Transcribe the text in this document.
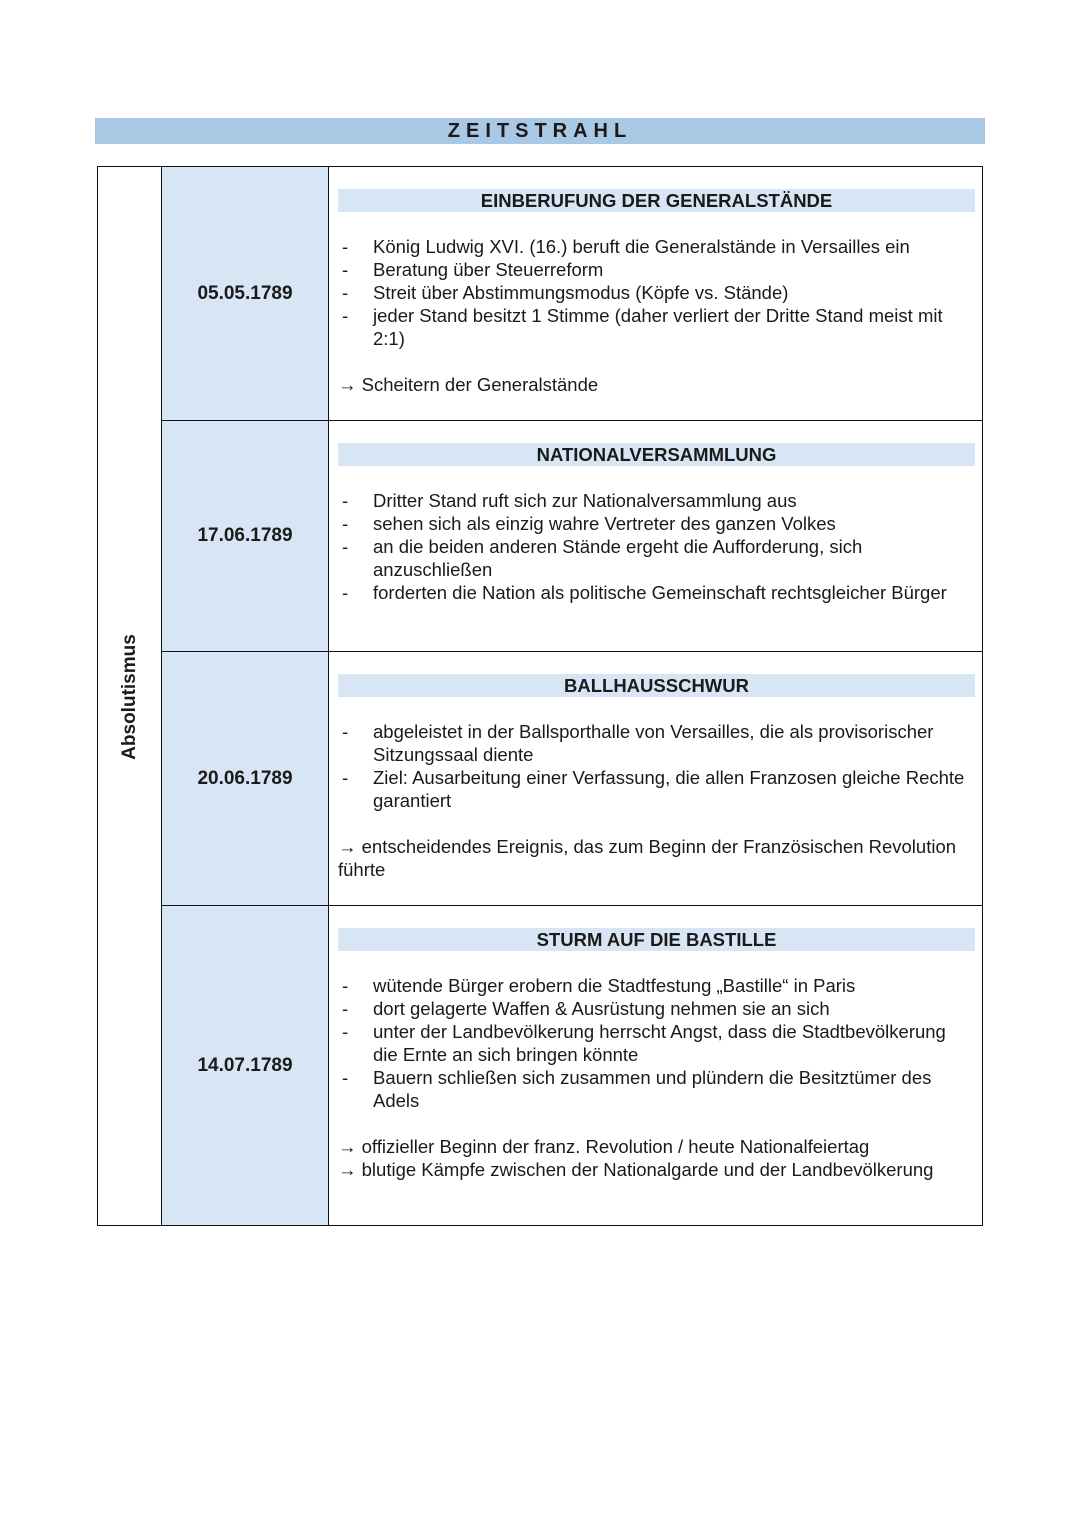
ZEITSTRAHL
Absolutismus
05.05.1789
EINBERUFUNG DER GENERALSTÄNDE
- König Ludwig XVI. (16.) beruft die Generalstände in Versailles ein
- Beratung über Steuerreform
- Streit über Abstimmungsmodus (Köpfe vs. Stände)
- jeder Stand besitzt 1 Stimme (daher verliert der Dritte Stand meist mit 2:1)
→ Scheitern der Generalstände
17.06.1789
NATIONALVERSAMMLUNG
- Dritter Stand ruft sich zur Nationalversammlung aus
- sehen sich als einzig wahre Vertreter des ganzen Volkes
- an die beiden anderen Stände ergeht die Aufforderung, sich anzuschließen
- forderten die Nation als politische Gemeinschaft rechtsgleicher Bürger
20.06.1789
BALLHAUSSCHWUR
- abgeleistet in der Ballsporthalle von Versailles, die als provisorischer Sitzungssaal diente
- Ziel: Ausarbeitung einer Verfassung, die allen Franzosen gleiche Rechte garantiert
→ entscheidendes Ereignis, das zum Beginn der Französischen Revolution führte
14.07.1789
STURM AUF DIE BASTILLE
- wütende Bürger erobern die Stadtfestung „Bastille“ in Paris
- dort gelagerte Waffen & Ausrüstung nehmen sie an sich
- unter der Landbevölkerung herrscht Angst, dass die Stadtbevölkerung die Ernte an sich bringen könnte
- Bauern schließen sich zusammen und plündern die Besitztümer des Adels
→ offizieller Beginn der franz. Revolution / heute Nationalfeiertag
→ blutige Kämpfe zwischen der Nationalgarde und der Landbevölkerung
